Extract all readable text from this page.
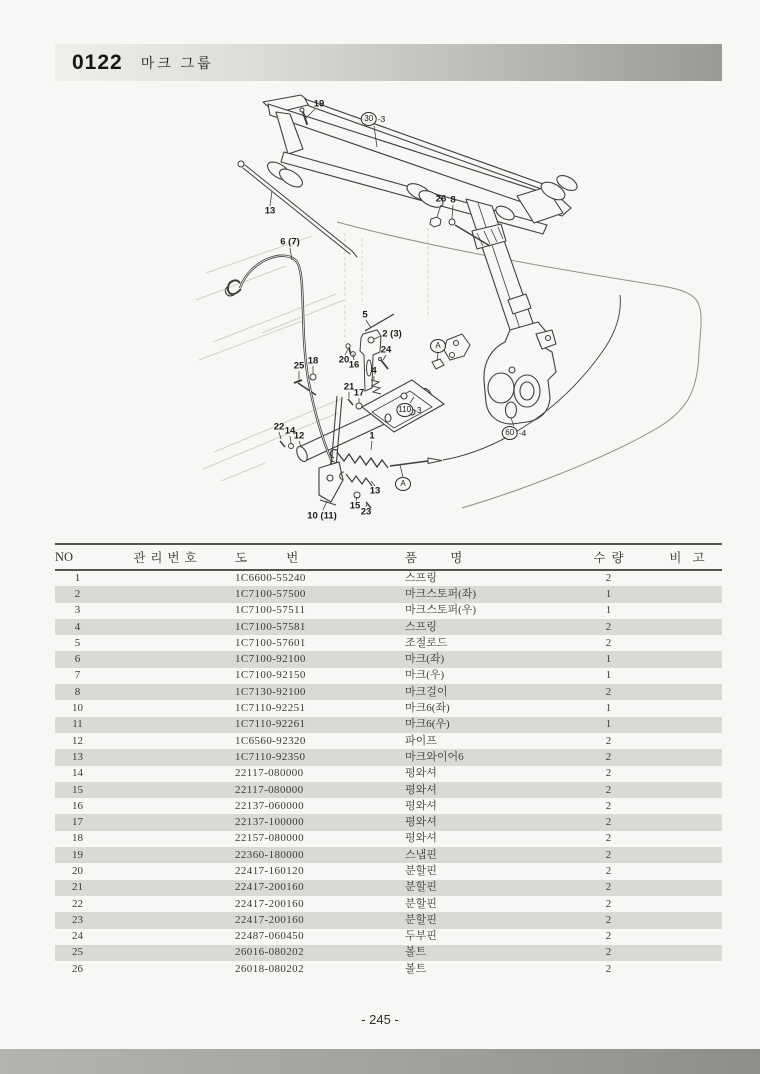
0122 마크 그룹
19
30 -3
13
26 8
6 (7)
5
2 (3)
24
20 16
4
25 18
21
17
A
110 -3
22 14
12	1
A
60 -4
13
15
23
10 (11)
NO	관리번호	도 번	품 명	수 량	비 고
1		1C6600-55240	스프링	2	
2		1C7100-57500	마크스토퍼(좌)	1	
3		1C7100-57511	마크스토퍼(우)	1	
4		1C7100-57581	스프링	2	
5		1C7100-57601	조절로드	2	
6		1C7100-92100	마크(좌)	1	
7		1C7100-92150	마크(우)	1	
8		1C7130-92100	마크걸이	2	
10		1C7110-92251	마크6(좌)	1	
11		1C7110-92261	마크6(우)	1	
12		1C6560-92320	파이프	2	
13		1C7110-92350	마크와이어6	2	
14		22117-080000	평와셔	2	
15		22117-080000	평와셔	2	
16		22137-060000	평와셔	2	
17		22137-100000	평와셔	2	
18		22157-080000	평와셔	2	
19		22360-180000	스냅핀	2	
20		22417-160120	분할핀	2	
21		22417-200160	분할핀	2	
22		22417-200160	분할핀	2	
23		22417-200160	분할핀	2	
24		22487-060450	두부핀	2	
25		26016-080202	볼트	2	
26		26018-080202	볼트	2	
- 245 -
